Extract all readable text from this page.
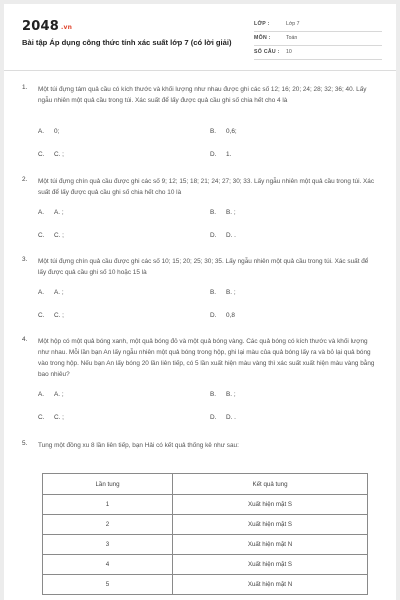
2048 .vn
Bài tập Áp dụng công thức tính xác suất lớp 7 (có lời giải)
LỚP :	Lớp 7
MÔN :	Toán
SỐ CÂU : 10
1. Một túi đựng tám quả cầu có kích thước và khối lượng như nhau được ghi các số 12; 16; 20; 24; 28; 32; 36; 40. Lấy ngẫu nhiên một quả cầu trong túi. Xác suất để lấy được quả cầu ghi số chia hết cho 4 là
A. 0;	B. 0,6;
C. C. ;	D. 1.
2. Một túi đựng chín quả cầu được ghi các số 9; 12; 15; 18; 21; 24; 27; 30; 33. Lấy ngẫu nhiên một quả cầu trong túi. Xác suất để lấy được quả cầu ghi số chia hết cho 10 là
A. A. ;	B. B. ;
C. C. ;	D. D. .
3. Một túi đựng chín quả cầu được ghi các số 10; 15; 20; 25; 30; 35. Lấy ngẫu nhiên một quả cầu trong túi. Xác suất để lấy được quả cầu ghi số 10 hoặc 15 là
A. A. ;	B. B. ;
C. C. ;	D. 0,8
4. Một hộp có một quả bóng xanh, một quả bóng đỏ và một quả bóng vàng. Các quả bóng có kích thước và khối lượng như nhau. Mỗi lần bạn An lấy ngẫu nhiên một quả bóng trong hộp, ghi lại màu của quả bóng lấy ra và bỏ lại quả bóng vào trong hộp. Nếu bạn An lấy bóng 20 lần liên tiếp, có 5 lần xuất hiện màu vàng thì xác suất xuất hiện màu vàng bằng bao nhiêu?
A. A. ;	B. B. ;
C. C. ;	D. D. .
5. Tung một đồng xu 8 lần liên tiếp, bạn Hải có kết quả thống kê như sau:
Lần tung	Kết quả tung
1	Xuất hiện mặt S
2	Xuất hiện mặt S
3	Xuất hiện mặt N
4	Xuất hiện mặt S
5	Xuất hiện mặt N
